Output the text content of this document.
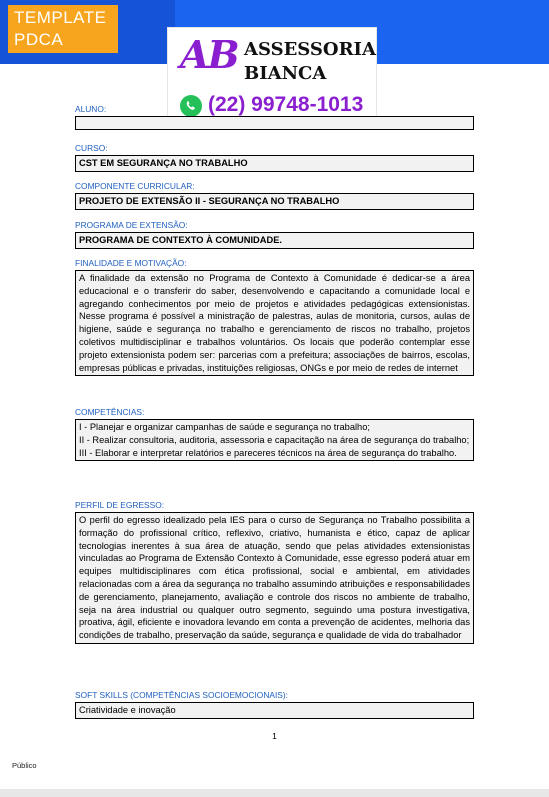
TEMPLATE
PDCA	AB ASSESSORIA
BIANCA
(22) 99748-1013
ALUNO:
CURSO:
CST EM SEGURANÇA NO TRABALHO
COMPONENTE CURRICULAR:
PROJETO DE EXTENSÃO II - SEGURANÇA NO TRABALHO
PROGRAMA DE EXTENSÃO:
PROGRAMA DE CONTEXTO À COMUNIDADE.
FINALIDADE E MOTIVAÇÃO:
A finalidade da extensão no Programa de Contexto à Comunidade é dedicar-se a área educacional e o transferir do saber, desenvolvendo e capacitando a comunidade local e agregando conhecimentos por meio de projetos e atividades pedagógicas extensionistas. Nesse programa é possível a ministração de palestras, aulas de monitoria, cursos, aulas de higiene, saúde e segurança no trabalho e gerenciamento de riscos no trabalho, projetos coletivos multidisciplinar e trabalhos voluntários. Os locais que poderão contemplar esse projeto extensionista podem ser: parcerias com a prefeitura; associações de bairros, escolas, empresas públicas e privadas, instituições religiosas, ONGs e por meio de redes de internet
COMPETÊNCIAS:

I - Planejar e organizar campanhas de saúde e segurança no trabalho;

II - Realizar consultoria, auditoria, assessoria e capacitação na área de segurança do trabalho;

III - Elaborar e interpretar relatórios e pareceres técnicos na área de segurança do trabalho.

PERFIL DE EGRESSO:
O perfil do egresso idealizado pela IES para o curso de Segurança no Trabalho possibilita a formação do profissional crítico, reflexivo, criativo, humanista e ético, capaz de aplicar tecnologias inerentes à sua área de atuação, sendo que pelas atividades extensionistas vinculadas ao Programa de Extensão Contexto à Comunidade, esse egresso poderá atuar em equipes multidisciplinares com ética profissional, social e ambiental, em atividades relacionadas com a área da segurança no trabalho assumindo atribuições e responsabilidades de gerenciamento, planejamento, avaliação e controle dos riscos no ambiente de trabalho, seja na área industrial ou qualquer outro segmento, seguindo uma postura investigativa, proativa, ágil, eficiente e inovadora levando em conta a prevenção de acidentes, melhoria das condições de trabalho, preservação da saúde, segurança e qualidade de vida do trabalhador
SOFT SKILLS (COMPETÊNCIAS SOCIOEMOCIONAIS):
Criatividade e inovação
1
Público
